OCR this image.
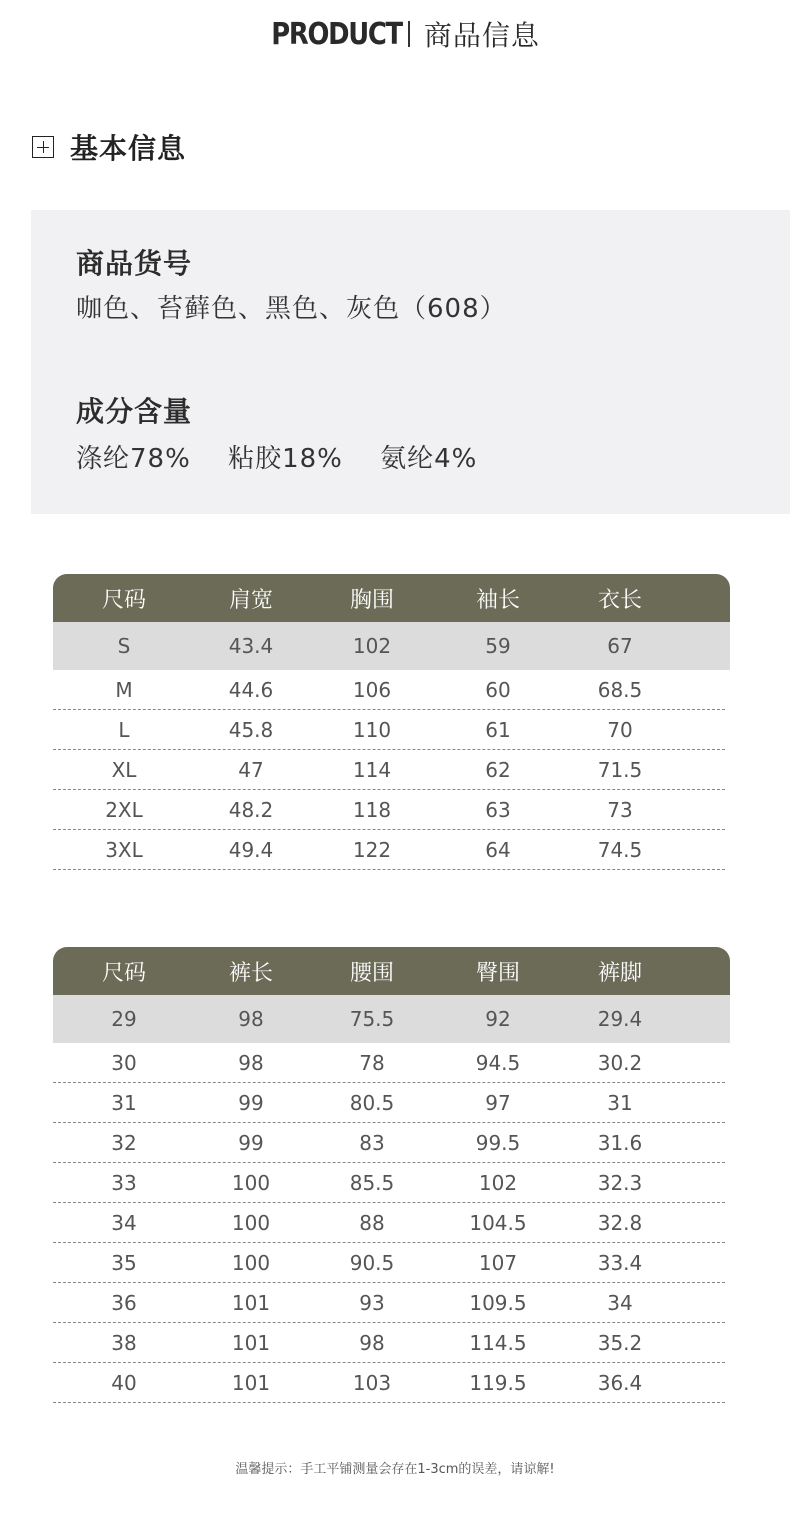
PRODUCT 商品信息
基本信息
商品货号
咖色、苔藓色、黑色、灰色（608）
成分含量
涤纶78% 粘胶18% 氨纶4%
尺码	肩宽	胸围	袖长	衣长
S	43.4	102	59	67
M	44.6	106	60	68.5
L	45.8	110	61	70
XL	47	114	62	71.5
2XL	48.2	118	63	73
3XL	49.4	122	64	74.5
尺码	裤长	腰围	臀围	裤脚
29	98	75.5	92	29.4
30	98	78	94.5	30.2
31	99	80.5	97	31
32	99	83	99.5	31.6
33	100	85.5	102	32.3
34	100	88	104.5	32.8
35	100	90.5	107	33.4
36	101	93	109.5	34
38	101	98	114.5	35.2
40	101	103	119.5	36.4
温馨提示：手工平铺测量会存在1-3cm的误差，请谅解!
